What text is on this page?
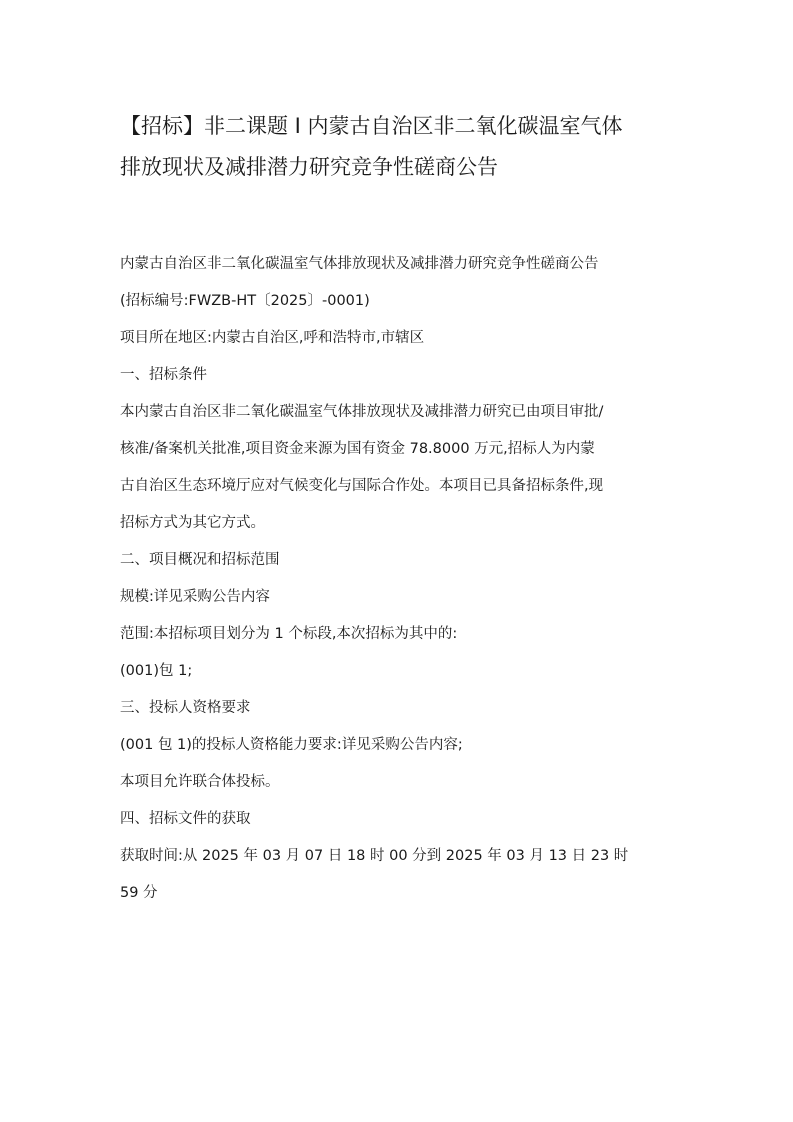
【招标】非二课题 I 内蒙古自治区非二氧化碳温室气体
排放现状及减排潜力研究竞争性磋商公告

内蒙古自治区非二氧化碳温室气体排放现状及减排潜力研究竞争性磋商公告

(招标编号:FWZB-HT〔2025〕-0001)

项目所在地区:内蒙古自治区,呼和浩特市,市辖区

一、招标条件

本内蒙古自治区非二氧化碳温室气体排放现状及减排潜力研究已由项目审批/

核准/备案机关批准,项目资金来源为国有资金 78.8000 万元,招标人为内蒙

古自治区生态环境厅应对气候变化与国际合作处。本项目已具备招标条件,现

招标方式为其它方式。

二、项目概况和招标范围

规模:详见采购公告内容

范围:本招标项目划分为 1 个标段,本次招标为其中的:

(001)包 1;

三、投标人资格要求

(001 包 1)的投标人资格能力要求:详见采购公告内容;

本项目允许联合体投标。

四、招标文件的获取

获取时间:从 2025 年 03 月 07 日 18 时 00 分到 2025 年 03 月 13 日 23 时

59 分
